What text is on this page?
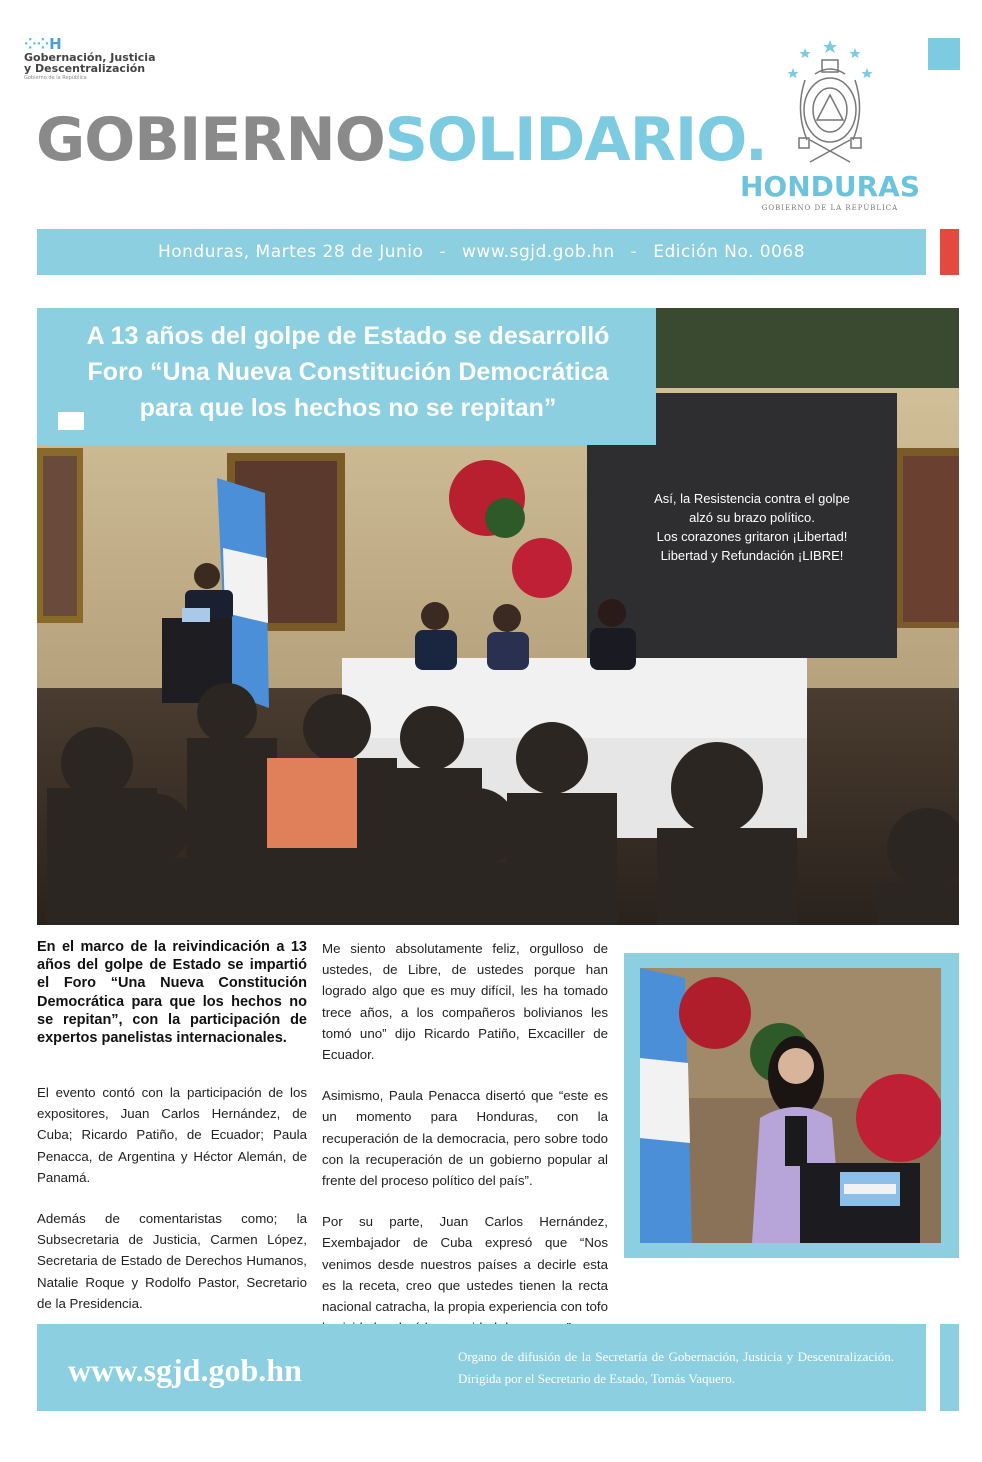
⁘⁘H
Gobernación, Justicia
y Descentralización
Gobierno de la República
GOBIERNOSOLIDARIO.
HONDURAS
GOBIERNO DE LA REPÚBLICA
Honduras, Martes 28 de Junio - www.sgjd.gob.hn - Edición No. 0068
Así, la Resistencia contra el golpe
alzó su brazo político.
Los corazones gritaron ¡Libertad!
Libertad y Refundación ¡LIBRE!
A 13 años del golpe de Estado se desarrolló
Foro “Una Nueva Constitución Democrática
para que los hechos no se repitan”
En el marco de la reivindicación a 13 años del golpe de Estado se impartió el Foro “Una Nueva Constitución Democrática para que los hechos no se repitan”, con la participación de expertos panelistas internacionales.

El evento contó con la participación de los expositores, Juan Carlos Hernández, de Cuba; Ricardo Patiño, de Ecuador; Paula Penacca, de Argentina y Héctor Alemán, de Panamá.

Además de comentaristas como; la Subsecretaria de Justicia, Carmen López, Secretaria de Estado de Derechos Humanos, Natalie Roque y Rodolfo Pastor, Secretario de la Presidencia.

Me siento absolutamente feliz, orgulloso de ustedes, de Libre, de ustedes porque han logrado algo que es muy difícil, les ha tomado trece años, a los compañeros bolivianos les tomó uno” dijo Ricardo Patiño, Excaciller de Ecuador.

Asimismo, Paula Penacca disertó que “este es un momento para Honduras, con la recuperación de la democracia, pero sobre todo con la recuperación de un gobierno popular al frente del proceso político del país”.

Por su parte, Juan Carlos Hernández, Exembajador de Cuba expresó que “Nos venimos desde nuestros países a decirle esta es la receta, creo que ustedes tienen la recta nacional catracha, la propia experiencia con tofo

www.sgjd.gob.hn	Organo de difusión de la Secretaría de Gobernación, Justicia y Descentralización. Dirigida por el Secretario de Estado, Tomás Vaquero.
